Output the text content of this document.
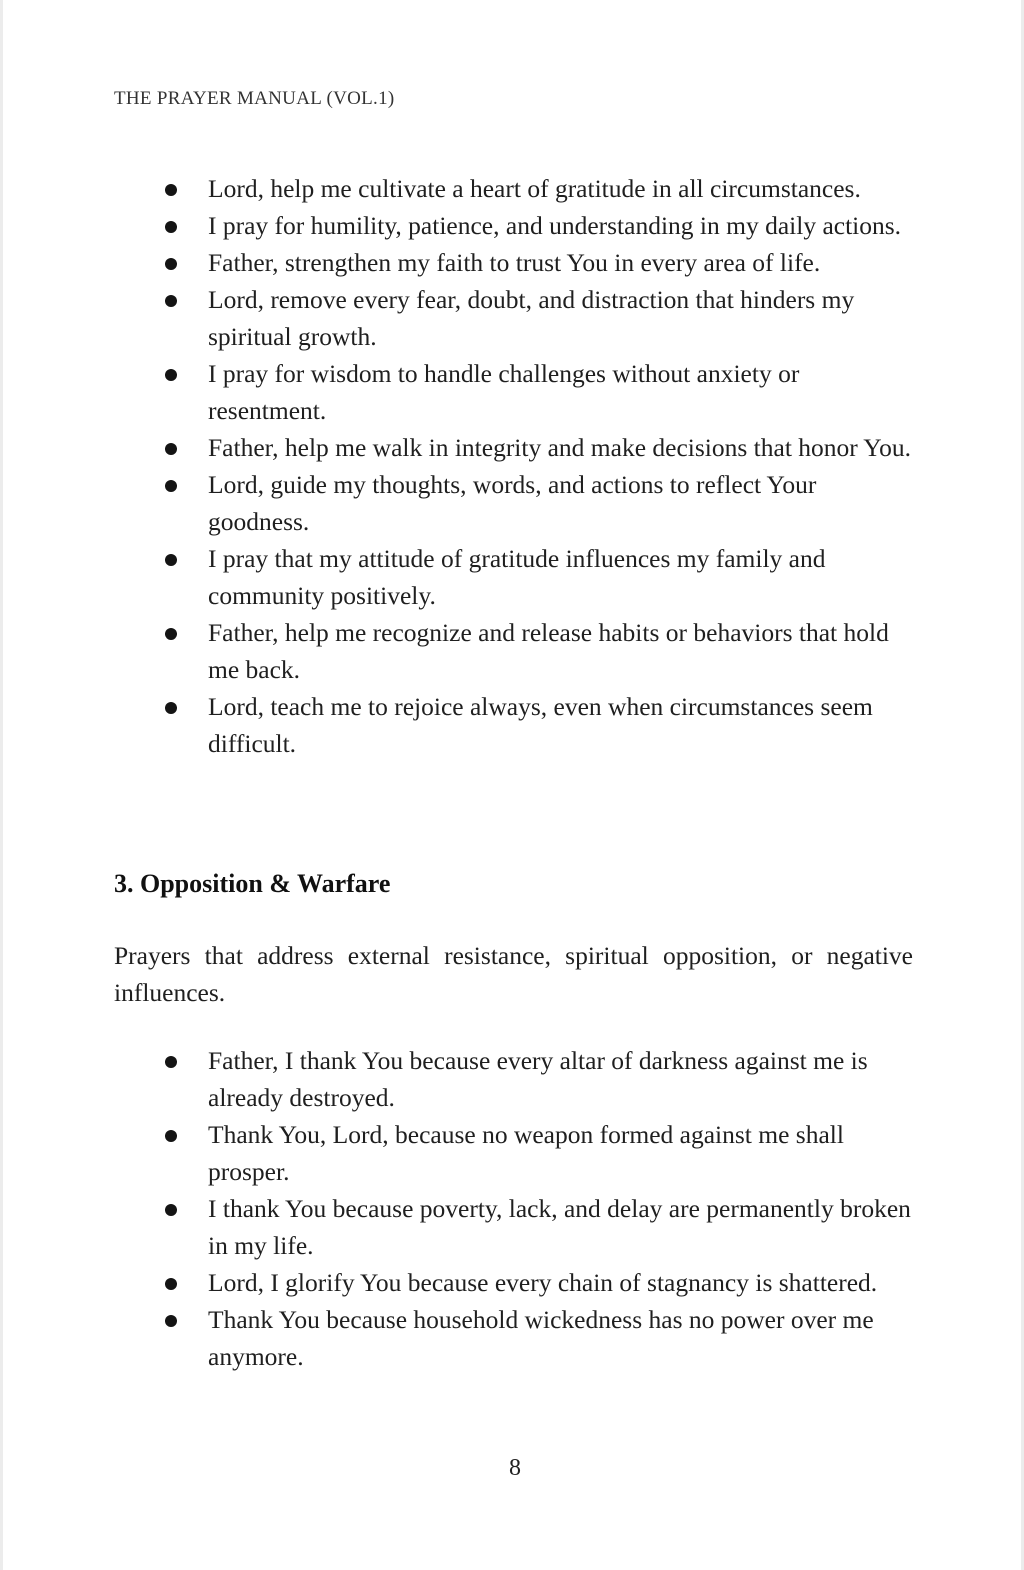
THE PRAYER MANUAL (VOL.1)
Lord, help me cultivate a heart of gratitude in all circumstances.
I pray for humility, patience, and understanding in my daily actions.
Father, strengthen my faith to trust You in every area of life.
Lord, remove every fear, doubt, and distraction that hinders my spiritual growth.
I pray for wisdom to handle challenges without anxiety or resentment.
Father, help me walk in integrity and make decisions that honor You.
Lord, guide my thoughts, words, and actions to reflect Your goodness.
I pray that my attitude of gratitude influences my family and community positively.
Father, help me recognize and release habits or behaviors that hold me back.
Lord, teach me to rejoice always, even when circumstances seem difficult.
3. Opposition & Warfare
Prayers that address external resistance, spiritual opposition, or negative influences.
Father, I thank You because every altar of darkness against me is already destroyed.
Thank You, Lord, because no weapon formed against me shall prosper.
I thank You because poverty, lack, and delay are permanently broken in my life.
Lord, I glorify You because every chain of stagnancy is shattered.
Thank You because household wickedness has no power over me anymore.
8
